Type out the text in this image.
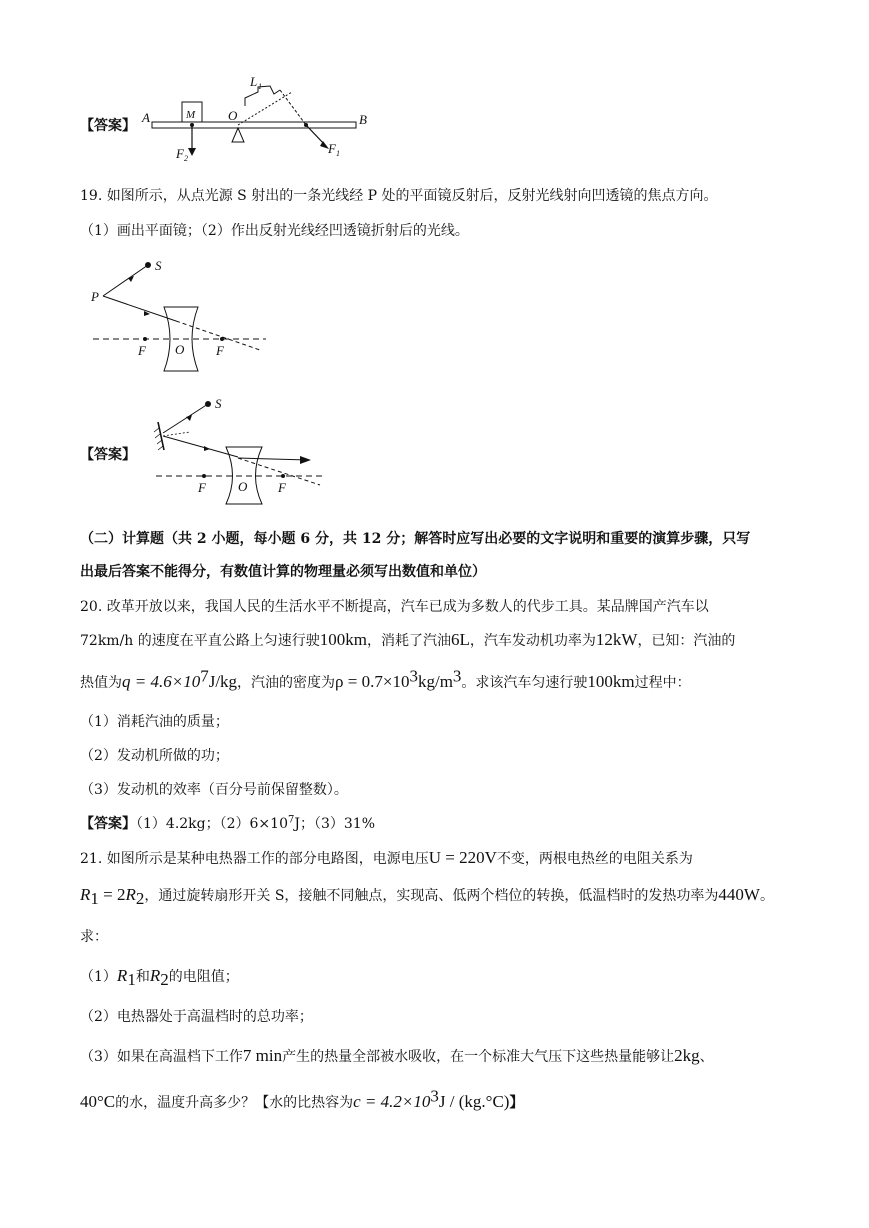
【答案】
A	B
M
F 2
O
L 1
F 1
19. 如图所示，从点光源 S 射出的一条光线经 P 处的平面镜反射后，反射光线射向凹透镜的焦点方向。
（1）画出平面镜；（2）作出反射光线经凹透镜折射后的光线。
S
P
F O F
【答案】
S
F O F
（二）计算题（共 2 小题，每小题 6 分，共 12 分；解答时应写出必要的文字说明和重要的演算步骤，只写
出最后答案不能得分，有数值计算的物理量必须写出数值和单位）
20. 改革开放以来，我国人民的生活水平不断提高，汽车已成为多数人的代步工具。某品牌国产汽车以
72km/h 的速度在平直公路上匀速行驶100km，消耗了汽油6L，汽车发动机功率为12kW，已知：汽油的
热值为$q = 4.6\times 10^7J/kg$，汽油的密度为$\rho = 0.7\times 10^3kg/m^3$。求该汽车匀速行驶100km过程中：
（1）消耗汽油的质量；
（2）发动机所做的功；
（3）发动机的效率（百分号前保留整数）。
【答案】（1）4.2kg；$(2)6\times 10^7J$；（3）31%
21. 如图所示是某种电热器工作的部分电路图，电源电压U = 220V不变，两根电热丝的电阻关系为
$R_1 = 2R_2$，通过旋转扇形开关 S，接触不同触点，实现高、低两个档位的转换，低温档时的发热功率为440W。
求：
$(1)R_1$和$R_2$的电阻值；
（2）电热器处于高温档时的总功率；
（3）如果在高温档下工作7 min产生的热量全部被水吸收，在一个标准大气压下这些热量能够让2kg、
40°C的水，温度升高多少？【水的比热容为$c = 4.2\times 10^3J / (kg.^\circ C)$】
